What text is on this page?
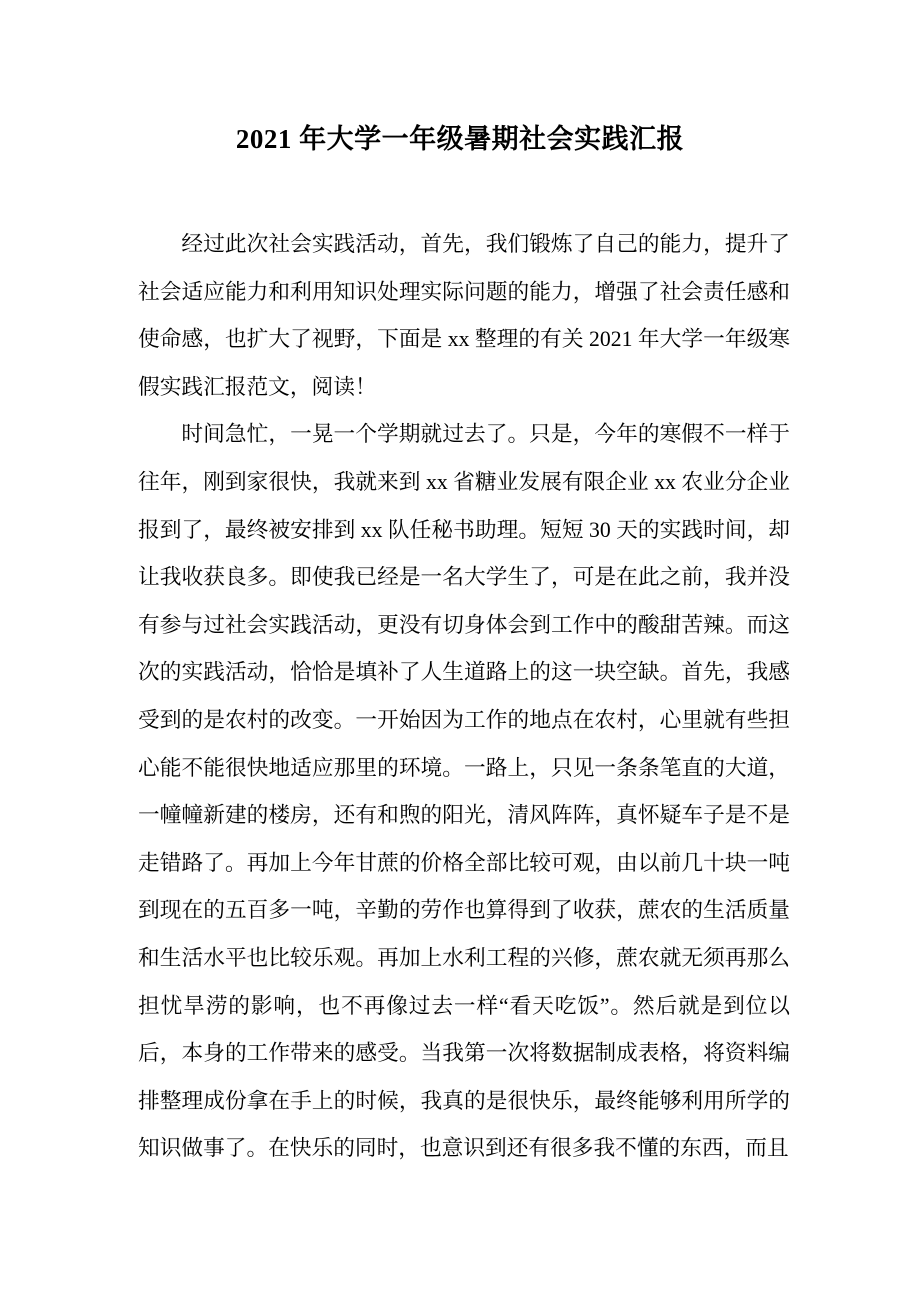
2021 年大学一年级暑期社会实践汇报

经过此次社会实践活动，首先，我们锻炼了自己的能力，提升了社会适应能力和利用知识处理实际问题的能力，增强了社会责任感和使命感，也扩大了视野，下面是 xx 整理的有关 2021 年大学一年级寒假实践汇报范文，阅读！

时间急忙，一晃一个学期就过去了。只是，今年的寒假不一样于往年，刚到家很快，我就来到 xx 省糖业发展有限企业 xx 农业分企业报到了，最终被安排到 xx 队任秘书助理。短短 30 天的实践时间，却让我收获良多。即使我已经是一名大学生了，可是在此之前，我并没有参与过社会实践活动，更没有切身体会到工作中的酸甜苦辣。而这次的实践活动，恰恰是填补了人生道路上的这一块空缺。首先，我感受到的是农村的改变。一开始因为工作的地点在农村，心里就有些担心能不能很快地适应那里的环境。一路上，只见一条条笔直的大道，一幢幢新建的楼房，还有和煦的阳光，清风阵阵，真怀疑车子是不是走错路了。再加上今年甘蔗的价格全部比较可观，由以前几十块一吨到现在的五百多一吨，辛勤的劳作也算得到了收获，蔗农的生活质量和生活水平也比较乐观。再加上水利工程的兴修，蔗农就无须再那么担忧旱涝的影响，也不再像过去一样“看天吃饭”。然后就是到位以后，本身的工作带来的感受。当我第一次将数据制成表格，将资料编排整理成份拿在手上的时候，我真的是很快乐，最终能够利用所学的知识做事了。在快乐的同时，也意识到还有很多我不懂的东西，而且
